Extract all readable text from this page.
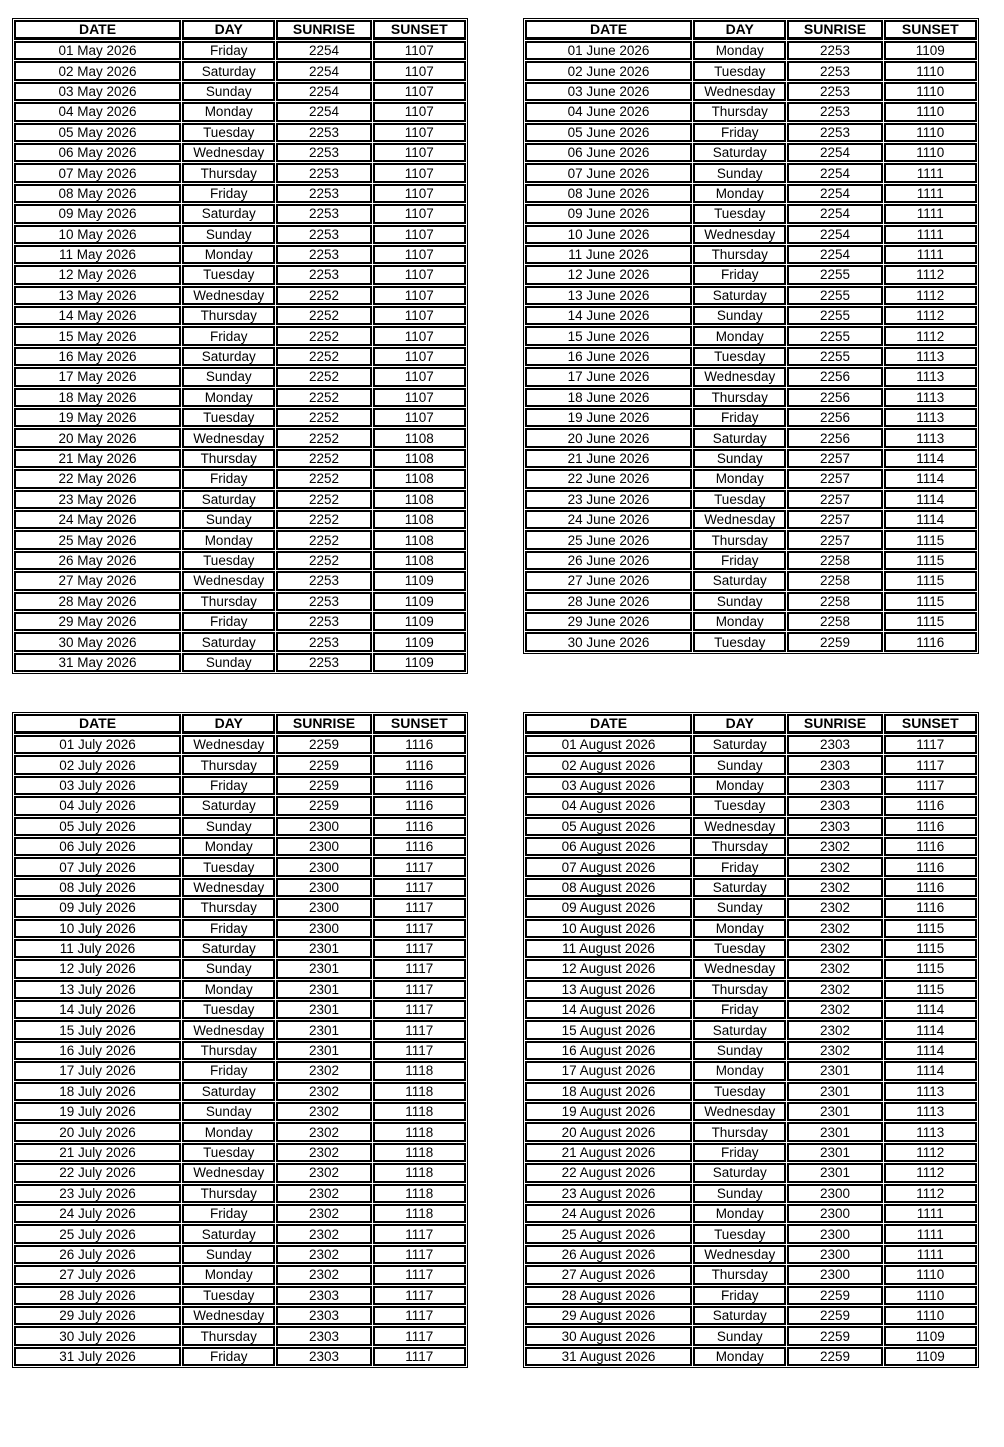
DATE	DAY	SUNRISE	SUNSET
01 May 2026	Friday	2254	1107
02 May 2026	Saturday	2254	1107
03 May 2026	Sunday	2254	1107
04 May 2026	Monday	2254	1107
05 May 2026	Tuesday	2253	1107
06 May 2026	Wednesday	2253	1107
07 May 2026	Thursday	2253	1107
08 May 2026	Friday	2253	1107
09 May 2026	Saturday	2253	1107
10 May 2026	Sunday	2253	1107
11 May 2026	Monday	2253	1107
12 May 2026	Tuesday	2253	1107
13 May 2026	Wednesday	2252	1107
14 May 2026	Thursday	2252	1107
15 May 2026	Friday	2252	1107
16 May 2026	Saturday	2252	1107
17 May 2026	Sunday	2252	1107
18 May 2026	Monday	2252	1107
19 May 2026	Tuesday	2252	1107
20 May 2026	Wednesday	2252	1108
21 May 2026	Thursday	2252	1108
22 May 2026	Friday	2252	1108
23 May 2026	Saturday	2252	1108
24 May 2026	Sunday	2252	1108
25 May 2026	Monday	2252	1108
26 May 2026	Tuesday	2252	1108
27 May 2026	Wednesday	2253	1109
28 May 2026	Thursday	2253	1109
29 May 2026	Friday	2253	1109
30 May 2026	Saturday	2253	1109
31 May 2026	Sunday	2253	1109
DATE	DAY	SUNRISE	SUNSET
01 June 2026	Monday	2253	1109
02 June 2026	Tuesday	2253	1110
03 June 2026	Wednesday	2253	1110
04 June 2026	Thursday	2253	1110
05 June 2026	Friday	2253	1110
06 June 2026	Saturday	2254	1110
07 June 2026	Sunday	2254	1111
08 June 2026	Monday	2254	1111
09 June 2026	Tuesday	2254	1111
10 June 2026	Wednesday	2254	1111
11 June 2026	Thursday	2254	1111
12 June 2026	Friday	2255	1112
13 June 2026	Saturday	2255	1112
14 June 2026	Sunday	2255	1112
15 June 2026	Monday	2255	1112
16 June 2026	Tuesday	2255	1113
17 June 2026	Wednesday	2256	1113
18 June 2026	Thursday	2256	1113
19 June 2026	Friday	2256	1113
20 June 2026	Saturday	2256	1113
21 June 2026	Sunday	2257	1114
22 June 2026	Monday	2257	1114
23 June 2026	Tuesday	2257	1114
24 June 2026	Wednesday	2257	1114
25 June 2026	Thursday	2257	1115
26 June 2026	Friday	2258	1115
27 June 2026	Saturday	2258	1115
28 June 2026	Sunday	2258	1115
29 June 2026	Monday	2258	1115
30 June 2026	Tuesday	2259	1116
DATE	DAY	SUNRISE	SUNSET
01 July 2026	Wednesday	2259	1116
02 July 2026	Thursday	2259	1116
03 July 2026	Friday	2259	1116
04 July 2026	Saturday	2259	1116
05 July 2026	Sunday	2300	1116
06 July 2026	Monday	2300	1116
07 July 2026	Tuesday	2300	1117
08 July 2026	Wednesday	2300	1117
09 July 2026	Thursday	2300	1117
10 July 2026	Friday	2300	1117
11 July 2026	Saturday	2301	1117
12 July 2026	Sunday	2301	1117
13 July 2026	Monday	2301	1117
14 July 2026	Tuesday	2301	1117
15 July 2026	Wednesday	2301	1117
16 July 2026	Thursday	2301	1117
17 July 2026	Friday	2302	1118
18 July 2026	Saturday	2302	1118
19 July 2026	Sunday	2302	1118
20 July 2026	Monday	2302	1118
21 July 2026	Tuesday	2302	1118
22 July 2026	Wednesday	2302	1118
23 July 2026	Thursday	2302	1118
24 July 2026	Friday	2302	1118
25 July 2026	Saturday	2302	1117
26 July 2026	Sunday	2302	1117
27 July 2026	Monday	2302	1117
28 July 2026	Tuesday	2303	1117
29 July 2026	Wednesday	2303	1117
30 July 2026	Thursday	2303	1117
31 July 2026	Friday	2303	1117
DATE	DAY	SUNRISE	SUNSET
01 August 2026	Saturday	2303	1117
02 August 2026	Sunday	2303	1117
03 August 2026	Monday	2303	1117
04 August 2026	Tuesday	2303	1116
05 August 2026	Wednesday	2303	1116
06 August 2026	Thursday	2302	1116
07 August 2026	Friday	2302	1116
08 August 2026	Saturday	2302	1116
09 August 2026	Sunday	2302	1116
10 August 2026	Monday	2302	1115
11 August 2026	Tuesday	2302	1115
12 August 2026	Wednesday	2302	1115
13 August 2026	Thursday	2302	1115
14 August 2026	Friday	2302	1114
15 August 2026	Saturday	2302	1114
16 August 2026	Sunday	2302	1114
17 August 2026	Monday	2301	1114
18 August 2026	Tuesday	2301	1113
19 August 2026	Wednesday	2301	1113
20 August 2026	Thursday	2301	1113
21 August 2026	Friday	2301	1112
22 August 2026	Saturday	2301	1112
23 August 2026	Sunday	2300	1112
24 August 2026	Monday	2300	1111
25 August 2026	Tuesday	2300	1111
26 August 2026	Wednesday	2300	1111
27 August 2026	Thursday	2300	1110
28 August 2026	Friday	2259	1110
29 August 2026	Saturday	2259	1110
30 August 2026	Sunday	2259	1109
31 August 2026	Monday	2259	1109
